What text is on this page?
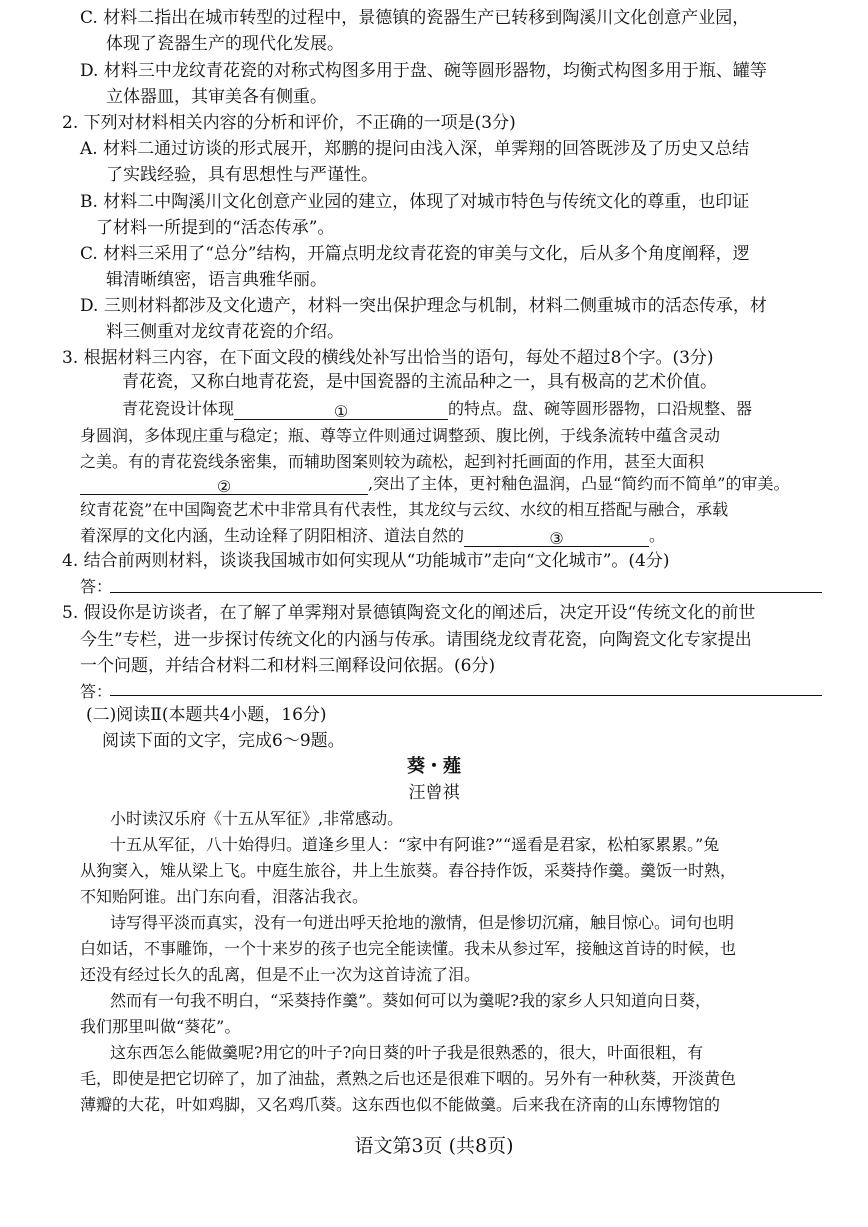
C. 材料二指出在城市转型的过程中，景德镇的瓷器生产已转移到陶溪川文化创意产业园，
体现了瓷器生产的现代化发展。
D. 材料三中龙纹青花瓷的对称式构图多用于盘、碗等圆形器物，均衡式构图多用于瓶、罐等
立体器皿，其审美各有侧重。
2. 下列对材料相关内容的分析和评价，不正确的一项是(3分)
A. 材料二通过访谈的形式展开，郑鹏的提问由浅入深，单霁翔的回答既涉及了历史又总结
了实践经验，具有思想性与严谨性。
B. 材料二中陶溪川文化创意产业园的建立，体现了对城市特色与传统文化的尊重，也印证
了材料一所提到的“活态传承”。
C. 材料三采用了“总分”结构，开篇点明龙纹青花瓷的审美与文化，后从多个角度阐释，逻
辑清晰缜密，语言典雅华丽。
D. 三则材料都涉及文化遗产，材料一突出保护理念与机制，材料二侧重城市的活态传承，材
料三侧重对龙纹青花瓷的介绍。
3. 根据材料三内容，在下面文段的横线处补写出恰当的语句，每处不超过8个字。(3分)
青花瓷，又称白地青花瓷，是中国瓷器的主流品种之一，具有极高的艺术价值。
青花瓷设计体现	①	的特点。盘、碗等圆形器物，口沿规整、器
身圆润，多体现庄重与稳定；瓶、尊等立件则通过调整颈、腹比例，于线条流转中蕴含灵动
之美。有的青花瓷线条密集，而辅助图案则较为疏松，起到衬托画面的作用，甚至大面积
②	,突出了主体，更衬釉色温润，凸显“简约而不简单”的审美。
纹青花瓷”在中国陶瓷艺术中非常具有代表性，其龙纹与云纹、水纹的相互搭配与融合，承载
着深厚的文化内涵，生动诠释了阴阳相济、道法自然的	③	。
4. 结合前两则材料，谈谈我国城市如何实现从“功能城市”走向“文化城市”。(4分)
答：
5. 假设你是访谈者，在了解了单霁翔对景德镇陶瓷文化的阐述后，决定开设“传统文化的前世
今生”专栏，进一步探讨传统文化的内涵与传承。请围绕龙纹青花瓷，向陶瓷文化专家提出
一个问题，并结合材料二和材料三阐释设问依据。(6分)
答：
(二)阅读Ⅱ(本题共4小题，16分)
阅读下面的文字，完成6～9题。
葵・薤
汪曾祺
小时读汉乐府《十五从军征》,非常感动。
十五从军征，八十始得归。道逢乡里人：“家中有阿谁?”“遥看是君家，松柏冢累累。”兔
从狗窦入，雉从梁上飞。中庭生旅谷，井上生旅葵。舂谷持作饭，采葵持作羹。羹饭一时熟，
不知贻阿谁。出门东向看，泪落沾我衣。
诗写得平淡而真实，没有一句迸出呼天抢地的激情，但是惨切沉痛，触目惊心。词句也明
白如话，不事雕饰，一个十来岁的孩子也完全能读懂。我未从参过军，接触这首诗的时候，也
还没有经过长久的乱离，但是不止一次为这首诗流了泪。
然而有一句我不明白，“采葵持作羹”。葵如何可以为羹呢?我的家乡人只知道向日葵，
我们那里叫做“葵花”。
这东西怎么能做羹呢?用它的叶子?向日葵的叶子我是很熟悉的，很大，叶面很粗，有
毛，即使是把它切碎了，加了油盐，煮熟之后也还是很难下咽的。另外有一种秋葵，开淡黄色
薄瓣的大花，叶如鸡脚，又名鸡爪葵。这东西也似不能做羹。后来我在济南的山东博物馆的
语文第3页 (共8页)
